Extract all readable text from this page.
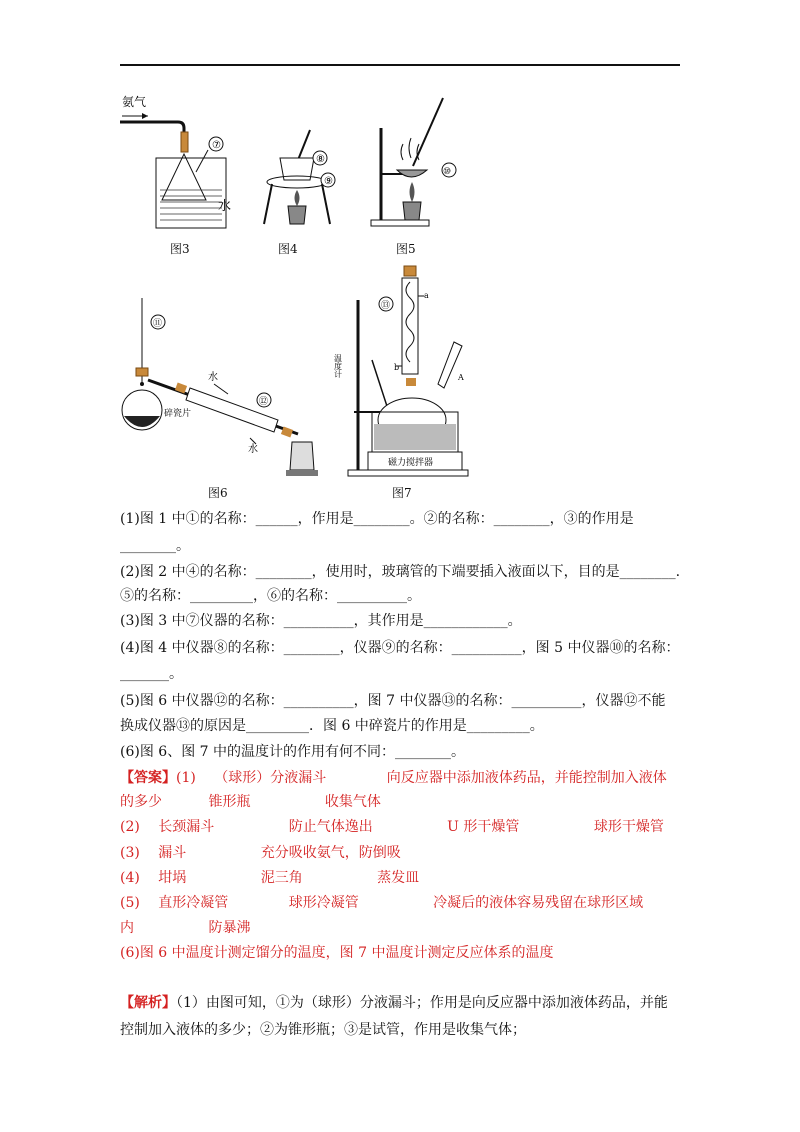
氨气
⑦
水
图3
⑧
⑨
图4
⑩
图5
⑪
碎瓷片
水
水
⑫
图6
a
b
⑬
温度计	A
磁力搅拌器
图7
(1)图 1 中①的名称：______，作用是________。②的名称：________，③的作用是
________。
(2)图 2 中④的名称：________，使用时，玻璃管的下端要插入液面以下，目的是________.
⑤的名称：_________，⑥的名称：__________。
(3)图 3 中⑦仪器的名称：__________，其作用是____________。
(4)图 4 中仪器⑧的名称：________，仪器⑨的名称：__________，图 5 中仪器⑩的名称：
_______。
(5)图 6 中仪器⑫的名称：__________，图 7 中仪器⑬的名称：__________，仪器⑫不能
换成仪器⑬的原因是_________．图 6 中碎瓷片的作用是_________。
(6)图 6、图 7 中的温度计的作用有何不同：________。
【答案】(1)　 （球形）分液漏斗　　　　 向反应器中添加液体药品，并能控制加入液体
的多少　　　 锥形瓶　　　　　 收集气体
(2)　 长颈漏斗　　　　　 防止气体逸出　　　　　 U 形干燥管　　　　　 球形干燥管
(3)　 漏斗　　　　　 充分吸收氨气，防倒吸
(4)　 坩埚　　　　　 泥三角　　　　　 蒸发皿
(5)　 直形冷凝管　　　　 球形冷凝管　　　　　 冷凝后的液体容易残留在球形区域
内　　　　　 防暴沸
(6)图 6 中温度计测定馏分的温度，图 7 中温度计测定反应体系的温度
【解析】（1）由图可知，①为（球形）分液漏斗；作用是向反应器中添加液体药品，并能
控制加入液体的多少；②为锥形瓶；③是试管，作用是收集气体；
